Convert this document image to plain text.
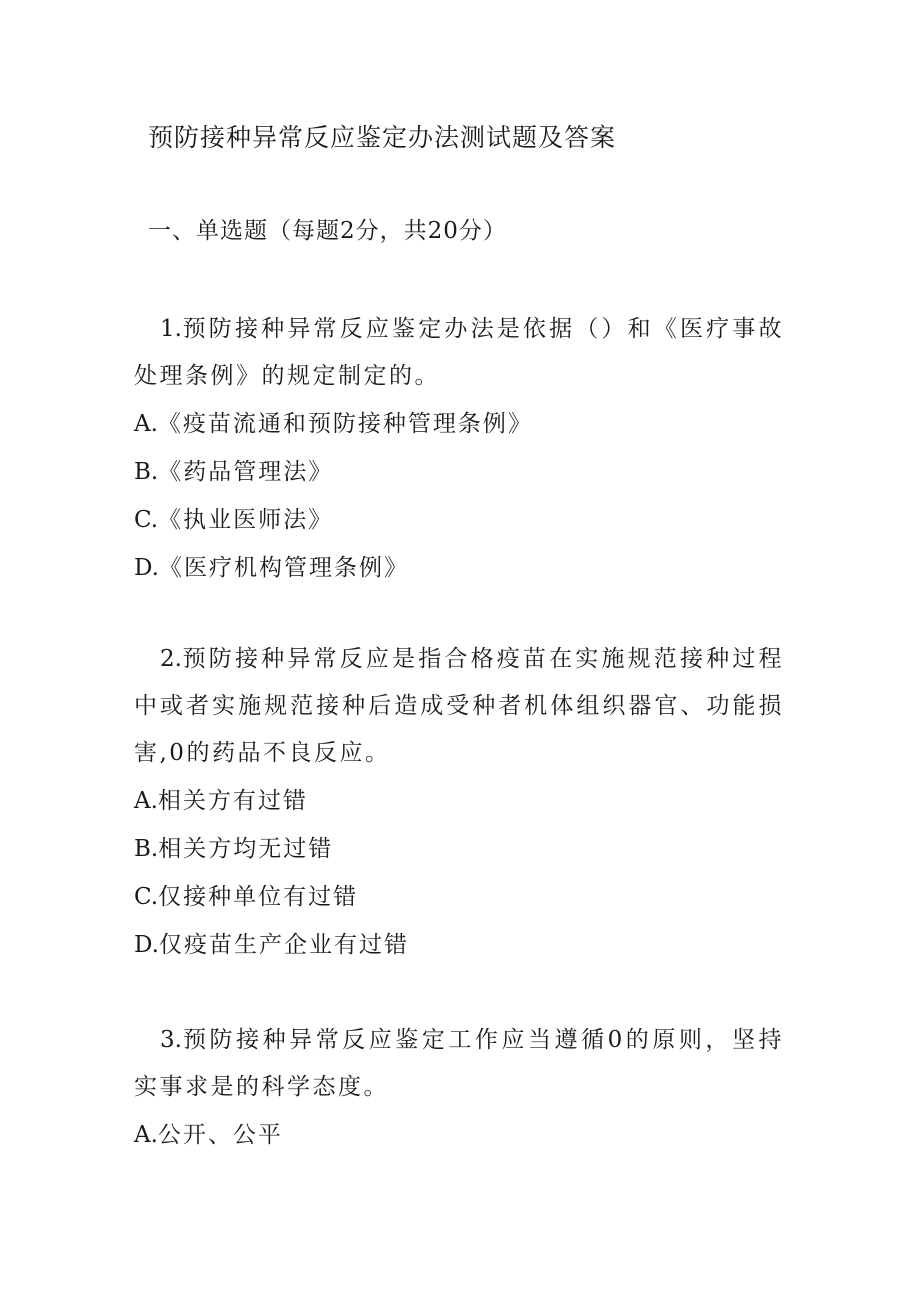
预防接种异常反应鉴定办法测试题及答案
一、单选题（每题2分，共20分）

1.预防接种异常反应鉴定办法是依据（）和《医疗事故处理条例》的规定制定的。

A.《疫苗流通和预防接种管理条例》

B.《药品管理法》

C.《执业医师法》

D.《医疗机构管理条例》

2.预防接种异常反应是指合格疫苗在实施规范接种过程中或者实施规范接种后造成受种者机体组织器官、功能损害,0的药品不良反应。

A.相关方有过错

B.相关方均无过错

C.仅接种单位有过错

D.仅疫苗生产企业有过错

3.预防接种异常反应鉴定工作应当遵循0的原则，坚持实事求是的科学态度。

A.公开、公平
